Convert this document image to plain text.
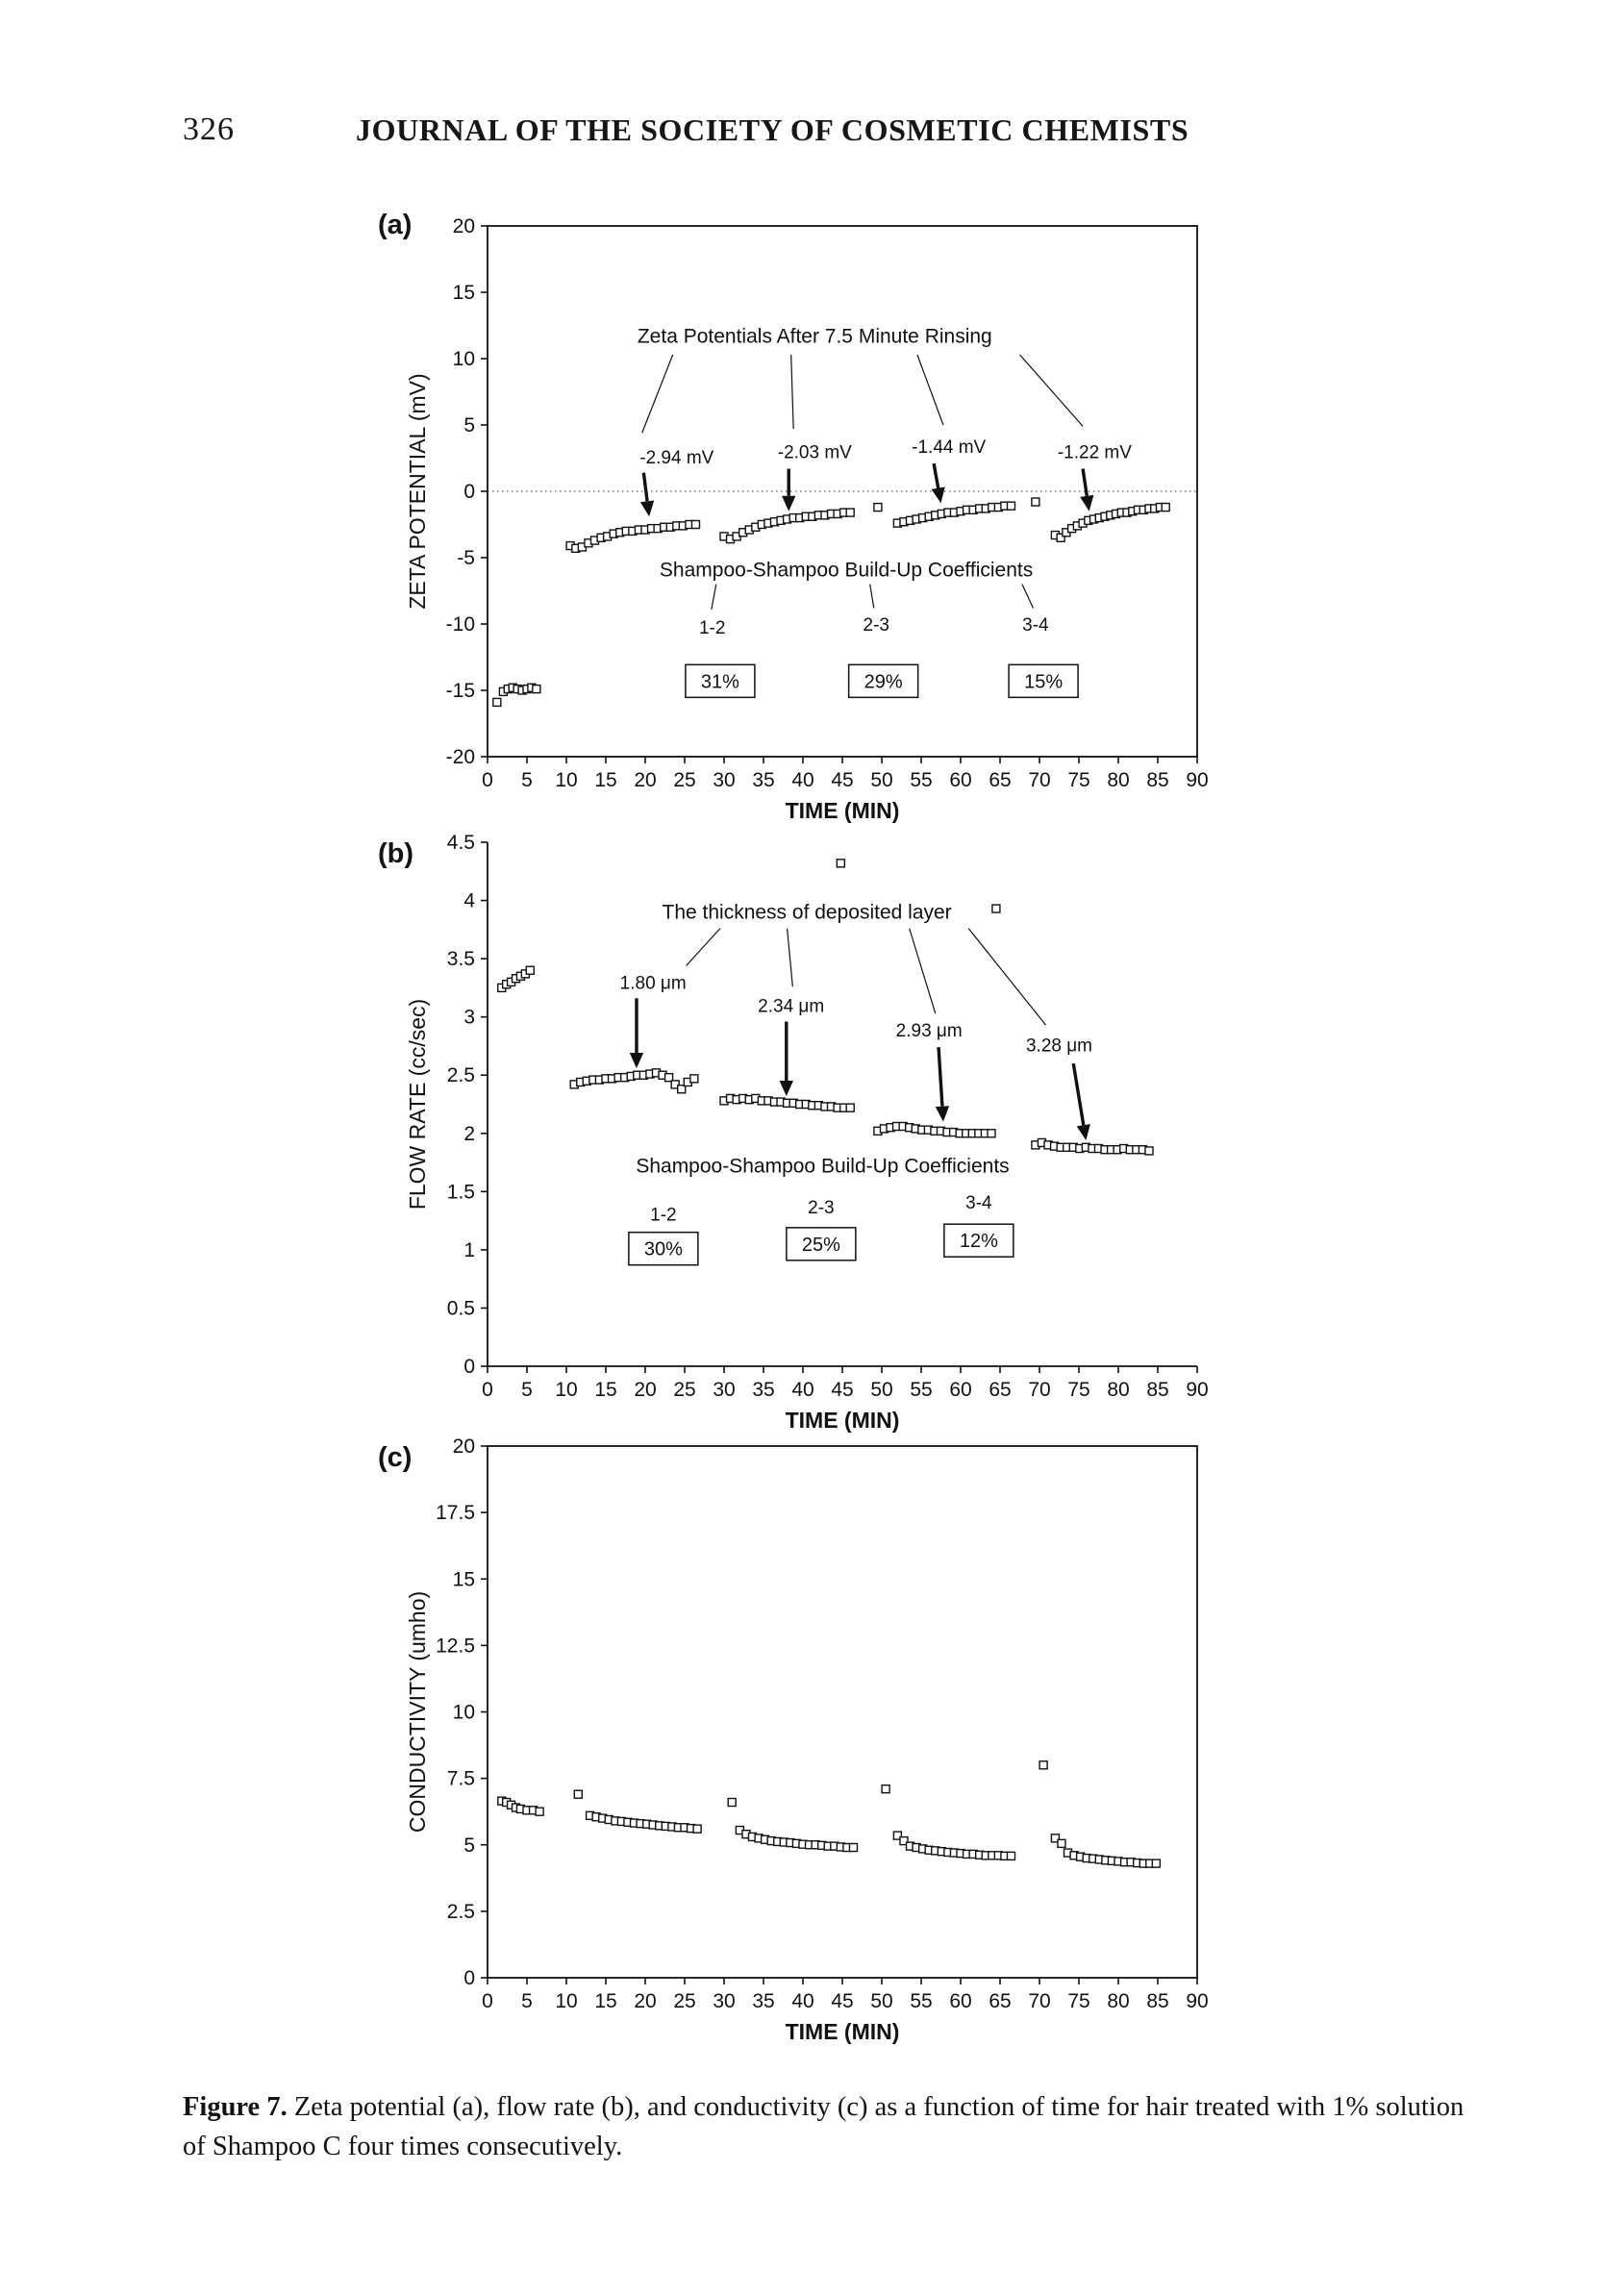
326	JOURNAL OF THE SOCIETY OF COSMETIC CHEMISTS
(a)
0 5 10 15 20 25 30 35 40 45 50 55 60 65 70 75 80 85 90
-20
-15
-10
-5
0
5
10
15
20
TIME (MIN)
ZETA POTENTIAL (mV)
Zeta Potentials After 7.5 Minute Rinsing
-2.94 mV	-2.03 mV	-1.44 mV	-1.22 mV
Shampoo-Shampoo Build-Up Coefficients
1-2	2-3	3-4
31%	29%	15%
(b)
0 5 10 15 20 25 30 35 40 45 50 55 60 65 70 75 80 85 90
0
0.5
1
1.5
2
2.5
3
3.5
4
4.5
TIME (MIN)
FLOW RATE (cc/sec)
The thickness of deposited layer
1.80 μm
2.34 μm
2.93 μm
3.28 μm
Shampoo-Shampoo Build-Up Coefficients
1-2	2-3	3-4
30%	25%	12%
(c)
0 5 10 15 20 25 30 35 40 45 50 55 60 65 70 75 80 85 90
0
2.5
5
7.5
10
12.5
15
17.5
20
TIME (MIN)
CONDUCTIVITY (umho)

Figure 7. Zeta potential (a), flow rate (b), and conductivity (c) as a function of time for hair treated with 1% solution of Shampoo C four times consecutively.
